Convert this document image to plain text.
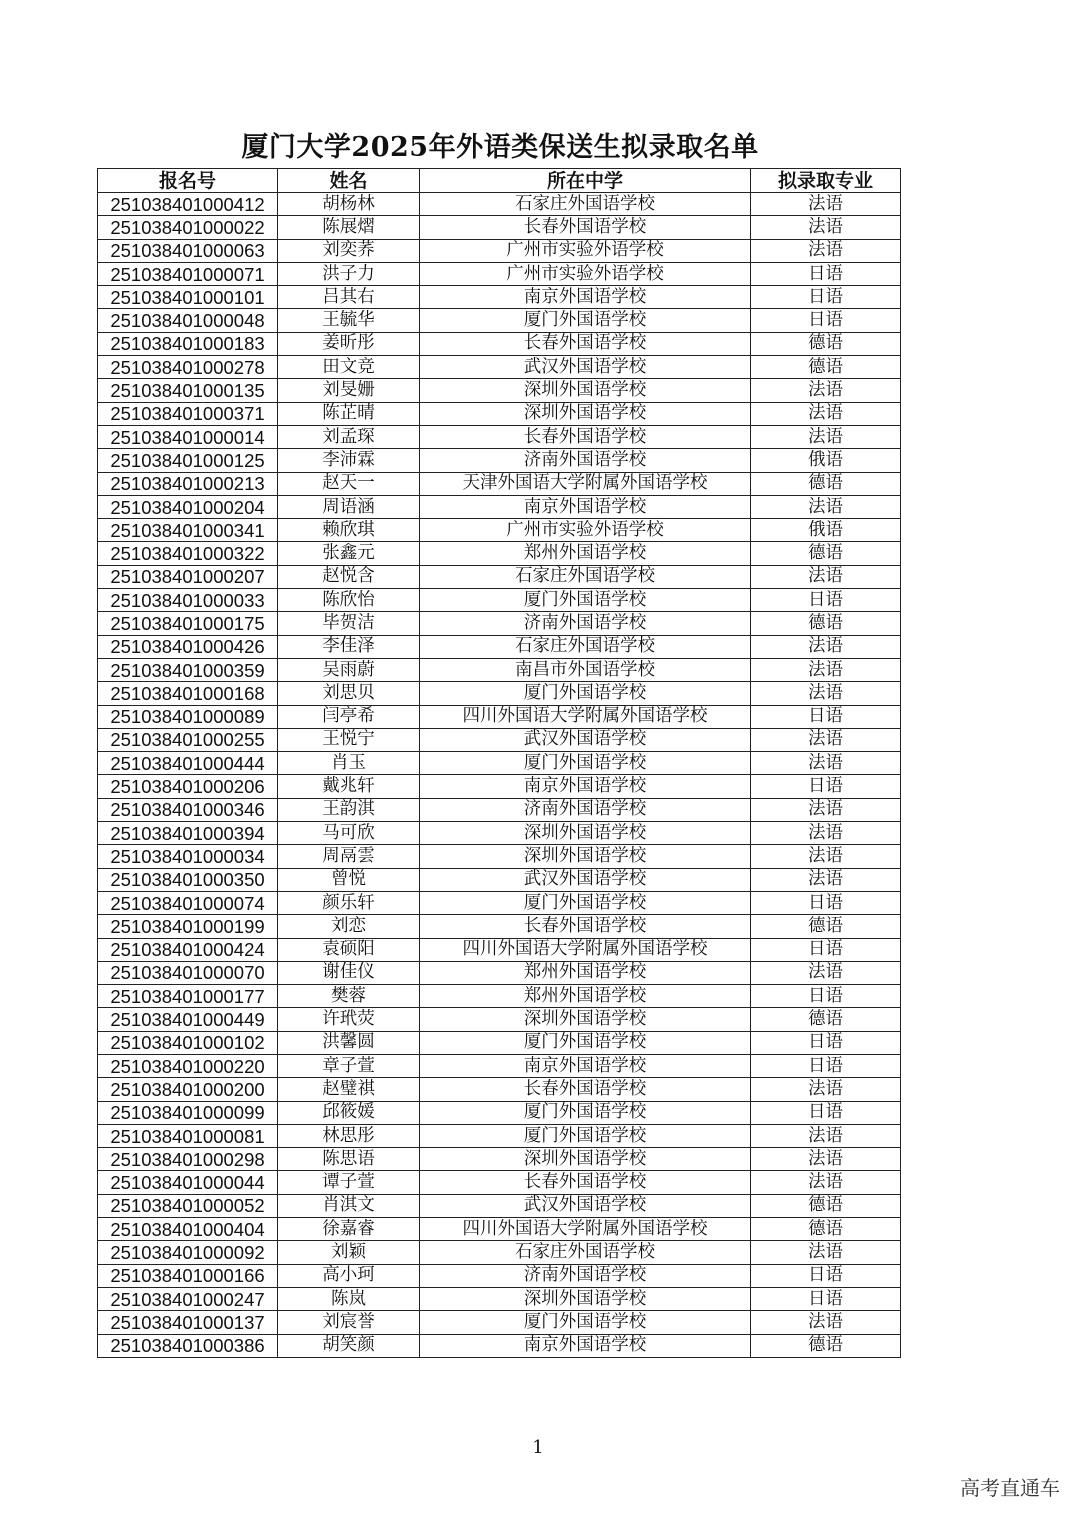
厦门大学2025年外语类保送生拟录取名单
报名号	姓名	所在中学	拟录取专业
251038401000412	胡杨林	石家庄外国语学校	法语
251038401000022	陈展熠	长春外国语学校	法语
251038401000063	刘奕荞	广州市实验外语学校	法语
251038401000071	洪子力	广州市实验外语学校	日语
251038401000101	吕其右	南京外国语学校	日语
251038401000048	王毓华	厦门外国语学校	日语
251038401000183	姜昕彤	长春外国语学校	德语
251038401000278	田文竞	武汉外国语学校	德语
251038401000135	刘旻姗	深圳外国语学校	法语
251038401000371	陈芷晴	深圳外国语学校	法语
251038401000014	刘孟琛	长春外国语学校	法语
251038401000125	李沛霖	济南外国语学校	俄语
251038401000213	赵天一	天津外国语大学附属外国语学校	德语
251038401000204	周语涵	南京外国语学校	法语
251038401000341	赖欣琪	广州市实验外语学校	俄语
251038401000322	张鑫元	郑州外国语学校	德语
251038401000207	赵悦含	石家庄外国语学校	法语
251038401000033	陈欣怡	厦门外国语学校	日语
251038401000175	毕贺洁	济南外国语学校	德语
251038401000426	李佳泽	石家庄外国语学校	法语
251038401000359	吴雨蔚	南昌市外国语学校	法语
251038401000168	刘思贝	厦门外国语学校	法语
251038401000089	闫亭希	四川外国语大学附属外国语学校	日语
251038401000255	王悦宁	武汉外国语学校	法语
251038401000444	肖玉	厦门外国语学校	法语
251038401000206	戴兆轩	南京外国语学校	日语
251038401000346	王韵淇	济南外国语学校	法语
251038401000394	马可欣	深圳外国语学校	法语
251038401000034	周鬲雲	深圳外国语学校	法语
251038401000350	曾悦	武汉外国语学校	法语
251038401000074	颜乐轩	厦门外国语学校	日语
251038401000199	刘恋	长春外国语学校	德语
251038401000424	袁硕阳	四川外国语大学附属外国语学校	日语
251038401000070	谢佳仪	郑州外国语学校	法语
251038401000177	樊蓉	郑州外国语学校	日语
251038401000449	许玳荧	深圳外国语学校	德语
251038401000102	洪馨圆	厦门外国语学校	日语
251038401000220	章子萱	南京外国语学校	日语
251038401000200	赵璧祺	长春外国语学校	法语
251038401000099	邱筱媛	厦门外国语学校	日语
251038401000081	林思彤	厦门外国语学校	法语
251038401000298	陈思语	深圳外国语学校	法语
251038401000044	谭子萱	长春外国语学校	法语
251038401000052	肖淇文	武汉外国语学校	德语
251038401000404	徐嘉睿	四川外国语大学附属外国语学校	德语
251038401000092	刘颖	石家庄外国语学校	法语
251038401000166	高小珂	济南外国语学校	日语
251038401000247	陈岚	深圳外国语学校	日语
251038401000137	刘宸誉	厦门外国语学校	法语
251038401000386	胡笑颜	南京外国语学校	德语
1
高考直通车
